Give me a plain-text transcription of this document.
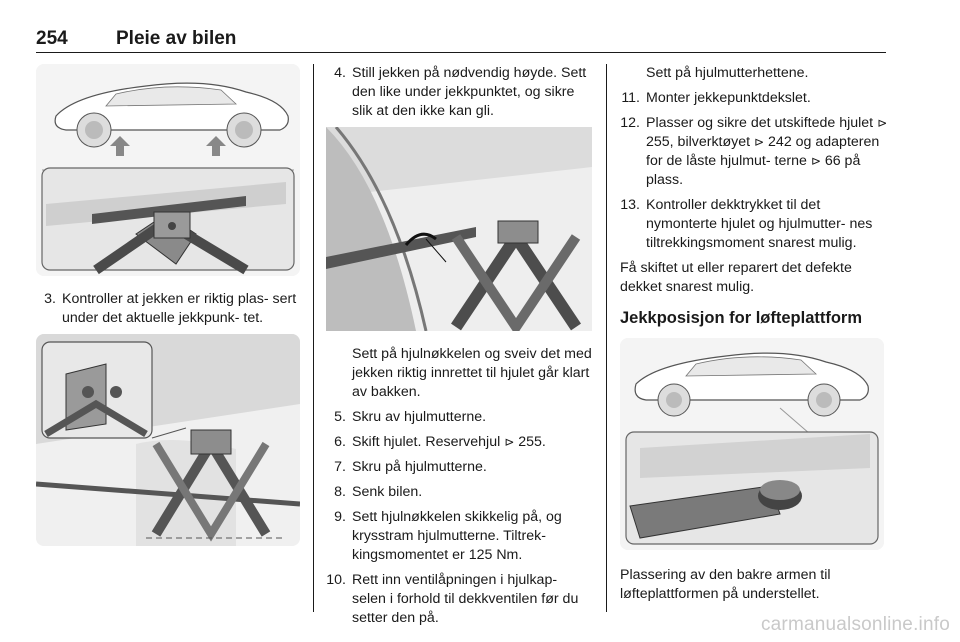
254	Pleie av bilen
3. Kontroller at jekken er riktig plas- sert under det aktuelle jekkpunk- tet.
4. Still jekken på nødvendig høyde. Sett den like under jekkpunktet, og sikre slik at den ikke kan gli.

Sett på hjulnøkkelen og sveiv det med jekken riktig innrettet til hjulet går klart av bakken.

5. Skru av hjulmutterne.
6. Skift hjulet. Reservehjul ⊳ 255.
7. Skru på hjulmutterne.
8. Senk bilen.
9. Sett hjulnøkkelen skikkelig på, og krysstram hjulmutterne. Tiltrek- kingsmomentet er 125 Nm.
10. Rett inn ventilåpningen i hjulkap- selen i forhold til dekkventilen før du setter den på.

Sett på hjulmutterhettene.

11. Monter jekkepunktdekslet.
12. Plasser og sikre det utskiftede hjulet ⊳ 255, bilverktøyet ⊳ 242 og adapteren for de låste hjulmut- terne ⊳ 66 på plass.
13. Kontroller dekktrykket til det nymonterte hjulet og hjulmutter- nes tiltrekkingsmoment snarest mulig.

Få skiftet ut eller reparert det defekte dekket snarest mulig.

Jekkposisjon for løfteplattform

Plassering av den bakre armen til løfteplattformen på understellet.

carmanualsonline.info
